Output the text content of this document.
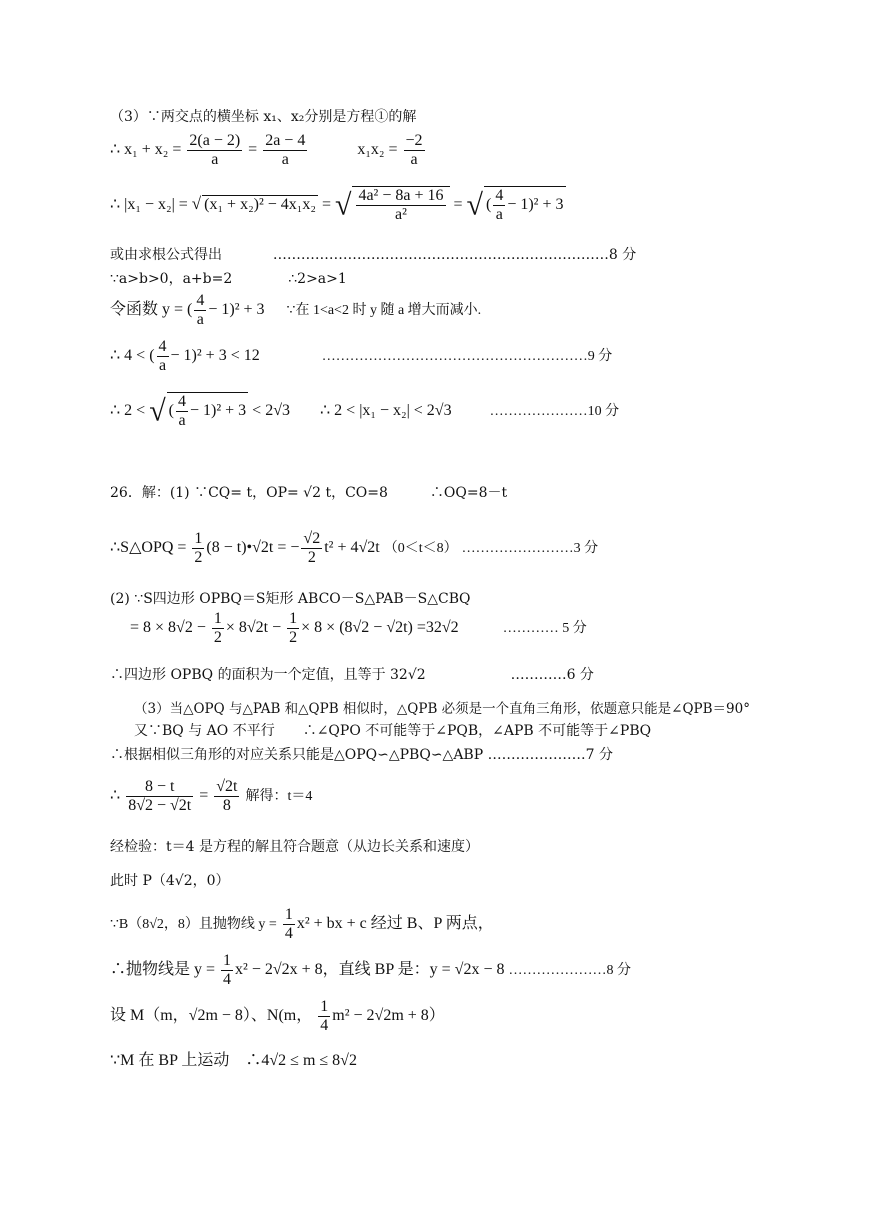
（3）∵两交点的横坐标 x₁、x₂分别是方程①的解
∴ $x_1 + x_2 = \frac{2(a - 2)}{a} = \frac{2a - 4}{a}$	$x_1x_2 = \frac{-2}{a}$
∴ |x₁ − x₂| = √ (x₁ + x₂)² − 4x₁x₂ = √ $\frac{\text{4a² − 8a + 16}}{\text{a²}}$ = √ ( $\frac{4}{a} - 1)^2 + 3$
或由求根公式得出	………………………………………………………………8 分
∵a>b>0，a+b=2　　　　∴2>a>1
令函数 y = ( $\frac{4}{a} - 1)^2 + 3$ ∵在 1<a<2 时 y 随 a 增大而减小.
∴ 4 < ( $\frac{4}{a} - 1)^2 + 3 < 12$	…………………………………………………9 分
∴ 2 < √ ( $\frac{4}{a} - 1)^2 + 3 < 2√3$ ∴ 2 < |x₁ − x₂| < 2√3	…………………10 分
26．解：(1) ∵CQ= t，OP= √2 t，CO=8　　　∴OQ=8－t
∴S△OPQ = $\frac{1}{2} (8$ − t)•√2t = − $\frac{√2}{2} t^2 + 4√2t$ （0＜t＜8） ……………………3 分
(2) ∵S四边形 OPBQ＝S矩形 ABCO－S△PAB－S△CBQ
= $8 \times 8√2 - \frac{1}{2} \times 8√2t - \frac{1}{2} \times 8 \times (8√2 - √2t) =32√2$	………… 5 分
∴四边形 OPBQ 的面积为一个定值，且等于 32√2	…………6 分
（3）当△OPQ 与△PAB 和△QPB 相似时，△QPB 必须是一个直角三角形，依题意只能是∠QPB＝90°
又∵BQ 与 AO 不平行　　∴∠QPO 不可能等于∠PQB，∠APB 不可能等于∠PBQ
∴根据相似三角形的对应关系只能是△OPQ∽△PBQ∽△ABP …………………7 分
∴ $\frac{8 - t}{8√2 - √2t} = \frac{√2t}{8}$ 解得：t＝4
经检验：t＝4 是方程的解且符合题意（从边长关系和速度）
此时 P（4√2，0）
∵B（8√2，8）且抛物线 $y = \frac{1}{4} x^2$ + bx + c 经过 B、P 两点，
∴抛物线是 $y = \frac{1}{4} x^2 - 2√2x + 8$，直线 BP 是：y = √2x − 8 …………………8 分
设 M（m，√2m − 8）、N(m， $\frac{1}{4} m^2 - 2√2m + 8$）
∵M 在 BP 上运动　∴4√2 ≤ m ≤ 8√2
